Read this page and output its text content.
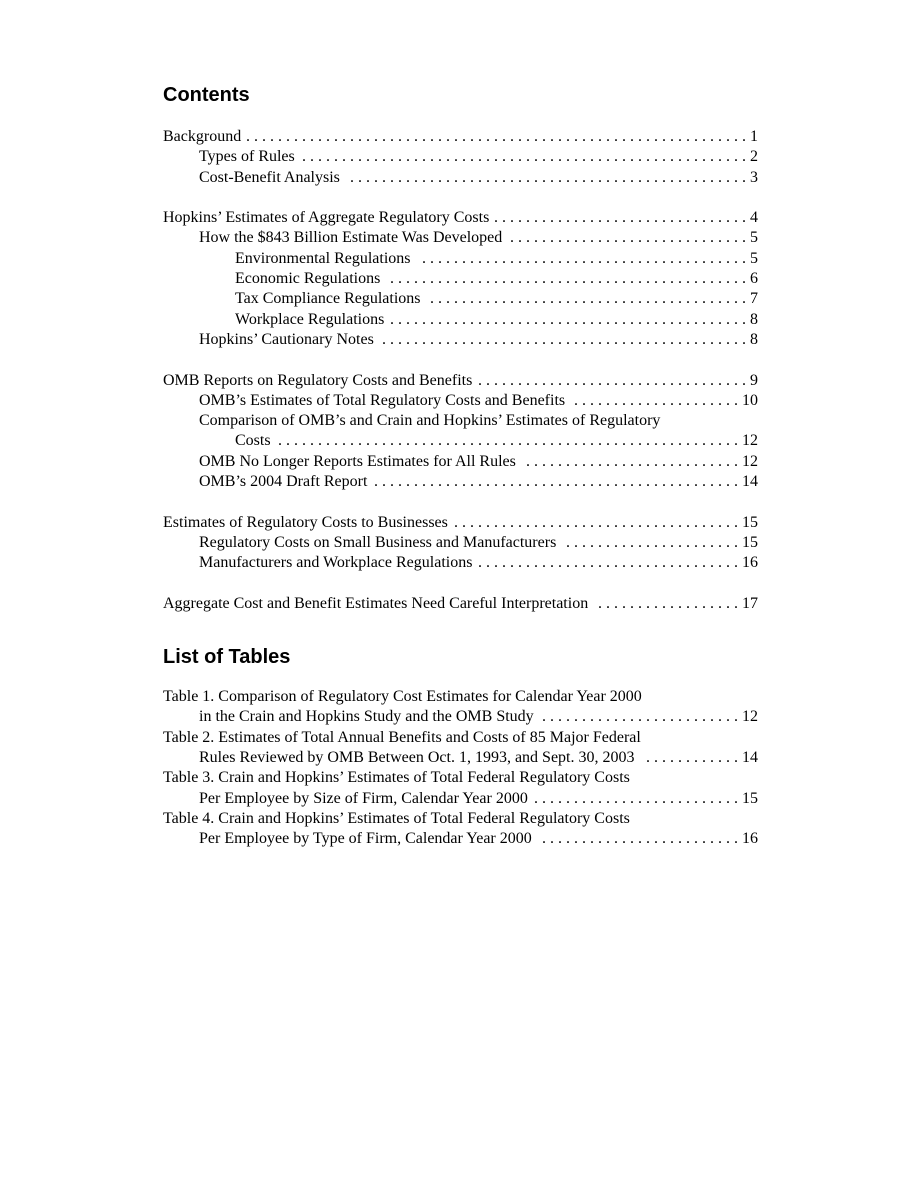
Contents
Background . . .	1
Types of Rules . . .	2
Cost-Benefit Analysis . . .	3
Hopkins’ Estimates of Aggregate Regulatory Costs . . .	4
How the $843 Billion Estimate Was Developed . . .	5
Environmental Regulations . . .	5
Economic Regulations . . .	6
Tax Compliance Regulations . . .	7
Workplace Regulations . . .	8
Hopkins’ Cautionary Notes . . .	8
OMB Reports on Regulatory Costs and Benefits . . .	9
OMB’s Estimates of Total Regulatory Costs and Benefits . . .	10
Comparison of OMB’s and Crain and Hopkins’ Estimates of Regulatory
Costs . . .	12
OMB No Longer Reports Estimates for All Rules . . .	12
OMB’s 2004 Draft Report . . .	14
Estimates of Regulatory Costs to Businesses . . .	15
Regulatory Costs on Small Business and Manufacturers . . .	15
Manufacturers and Workplace Regulations . . .	16
Aggregate Cost and Benefit Estimates Need Careful Interpretation . . .	17
List of Tables
Table 1. Comparison of Regulatory Cost Estimates for Calendar Year 2000
in the Crain and Hopkins Study and the OMB Study . . .	12
Table 2. Estimates of Total Annual Benefits and Costs of 85 Major Federal
Rules Reviewed by OMB Between Oct. 1, 1993, and Sept. 30, 2003 . . .	14
Table 3. Crain and Hopkins’ Estimates of Total Federal Regulatory Costs
Per Employee by Size of Firm, Calendar Year 2000 . . .	15
Table 4. Crain and Hopkins’ Estimates of Total Federal Regulatory Costs
Per Employee by Type of Firm, Calendar Year 2000 . . .	16
